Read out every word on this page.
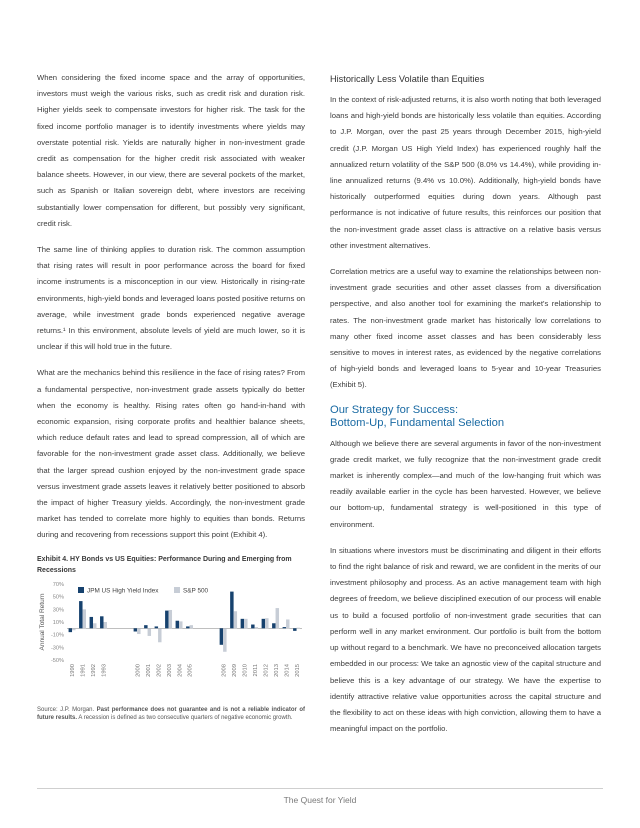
When considering the fixed income space and the array of opportunities, investors must weigh the various risks, such as credit risk and duration risk. Higher yields seek to compensate investors for higher risk. The task for the fixed income portfolio manager is to identify investments where yields may overstate potential risk. Yields are naturally higher in non-investment grade credit as compensation for the higher credit risk associated with weaker balance sheets. However, in our view, there are several pockets of the market, such as Spanish or Italian sovereign debt, where investors are receiving substantially lower compensation for different, but possibly very significant, credit risk.

The same line of thinking applies to duration risk. The common assumption that rising rates will result in poor performance across the board for fixed income instruments is a misconception in our view. Historically in rising-rate environments, high-yield bonds and leveraged loans posted positive returns on average, while investment grade bonds experienced negative average returns.¹ In this environment, absolute levels of yield are much lower, so it is unclear if this will hold true in the future.

What are the mechanics behind this resilience in the face of rising rates? From a fundamental perspective, non-investment grade assets typically do better when the economy is healthy. Rising rates often go hand-in-hand with economic expansion, rising corporate profits and healthier balance sheets, which reduce default rates and lead to spread compression, all of which are favorable for the non-investment grade asset class. Additionally, we believe that the larger spread cushion enjoyed by the non-investment grade space versus investment grade assets leaves it relatively better positioned to absorb the impact of higher Treasury yields. Accordingly, the non-investment grade market has tended to correlate more highly to equities than bonds. Returns during and recovering from recessions support this point (Exhibit 4).

Exhibit 4. HY Bonds vs US Equities: Performance During and Emerging from Recessions
Annual Total Return
70%
50%
30%
10%
-10%
-30%
-50%
1990 1991 1992 1993	2000 2001 2002 2003 2004 2005	2008 2009 2010 2011 2012 2013 2014 2015
JPM US High Yield Index	S&P 500
Source: J.P. Morgan. Past performance does not guarantee and is not a reliable indicator of future results. A recession is defined as two consecutive quarters of negative economic growth.
Historically Less Volatile than Equities

In the context of risk-adjusted returns, it is also worth noting that both leveraged loans and high-yield bonds are historically less volatile than equities. According to J.P. Morgan, over the past 25 years through December 2015, high-yield credit (J.P. Morgan US High Yield Index) has experienced roughly half the annualized return volatility of the S&P 500 (8.0% vs 14.4%), while providing in-line annualized returns (9.4% vs 10.0%). Additionally, high-yield bonds have historically outperformed equities during down years. Although past performance is not indicative of future results, this reinforces our position that the non-investment grade asset class is attractive on a relative basis versus other investment alternatives.

Correlation metrics are a useful way to examine the relationships between non-investment grade securities and other asset classes from a diversification perspective, and also another tool for examining the market's relationship to rates. The non-investment grade market has historically low correlations to many other fixed income asset classes and has been considerably less sensitive to moves in interest rates, as evidenced by the negative correlations of high-yield bonds and leveraged loans to 5-year and 10-year Treasuries (Exhibit 5).

Our Strategy for Success:
Bottom-Up, Fundamental Selection

Although we believe there are several arguments in favor of the non-investment grade credit market, we fully recognize that the non-investment grade credit market is inherently complex—and much of the low-hanging fruit which was readily available earlier in the cycle has been harvested. However, we believe our bottom-up, fundamental strategy is well-positioned in this type of environment.

In situations where investors must be discriminating and diligent in their efforts to find the right balance of risk and reward, we are confident in the merits of our investment philosophy and process. As an active management team with high degrees of freedom, we believe disciplined execution of our process will enable us to build a focused portfolio of non-investment grade securities that can perform well in any market environment. Our portfolio is built from the bottom up without regard to a benchmark. We have no preconceived allocation targets embedded in our process: We take an agnostic view of the capital structure and believe this is a key advantage of our strategy. We have the expertise to identify attractive relative value opportunities across the capital structure and the flexibility to act on these ideas with high conviction, allowing them to have a meaningful impact on the portfolio.

The Quest for Yield
